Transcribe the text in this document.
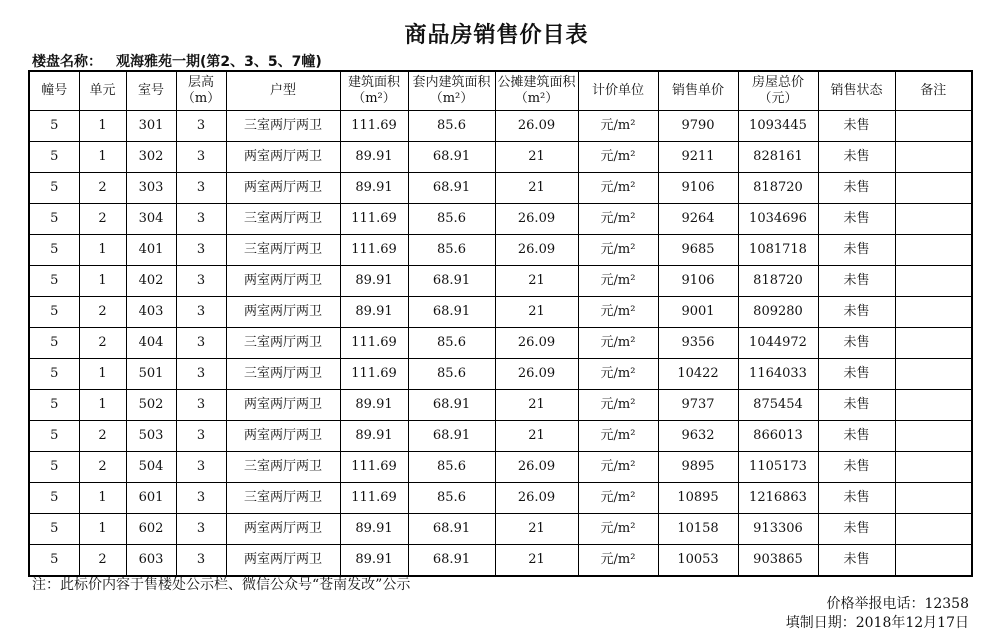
商品房销售价目表
楼盘名称： 观海雅苑一期(第2、3、5、7幢)
幢号	单元	室号	层高（m）	户型	建筑面积（m²）	套内建筑面积（m²）	公摊建筑面积（m²）	计价单位	销售单价	房屋总价（元）	销售状态	备注
5	1	301	3	三室两厅两卫	111.69	85.6	26.09	元/m²	9790	1093445	未售	
5	1	302	3	两室两厅两卫	89.91	68.91	21	元/m²	9211	828161	未售	
5	2	303	3	两室两厅两卫	89.91	68.91	21	元/m²	9106	818720	未售	
5	2	304	3	三室两厅两卫	111.69	85.6	26.09	元/m²	9264	1034696	未售	
5	1	401	3	三室两厅两卫	111.69	85.6	26.09	元/m²	9685	1081718	未售	
5	1	402	3	两室两厅两卫	89.91	68.91	21	元/m²	9106	818720	未售	
5	2	403	3	两室两厅两卫	89.91	68.91	21	元/m²	9001	809280	未售	
5	2	404	3	三室两厅两卫	111.69	85.6	26.09	元/m²	9356	1044972	未售	
5	1	501	3	三室两厅两卫	111.69	85.6	26.09	元/m²	10422	1164033	未售	
5	1	502	3	两室两厅两卫	89.91	68.91	21	元/m²	9737	875454	未售	
5	2	503	3	两室两厅两卫	89.91	68.91	21	元/m²	9632	866013	未售	
5	2	504	3	三室两厅两卫	111.69	85.6	26.09	元/m²	9895	1105173	未售	
5	1	601	3	三室两厅两卫	111.69	85.6	26.09	元/m²	10895	1216863	未售	
5	1	602	3	两室两厅两卫	89.91	68.91	21	元/m²	10158	913306	未售	
5	2	603	3	两室两厅两卫	89.91	68.91	21	元/m²	10053	903865	未售	
注：此标价内容于售楼处公示栏、微信公众号“苍南发改”公示
价格举报电话：12358
填制日期：2018年12月17日
